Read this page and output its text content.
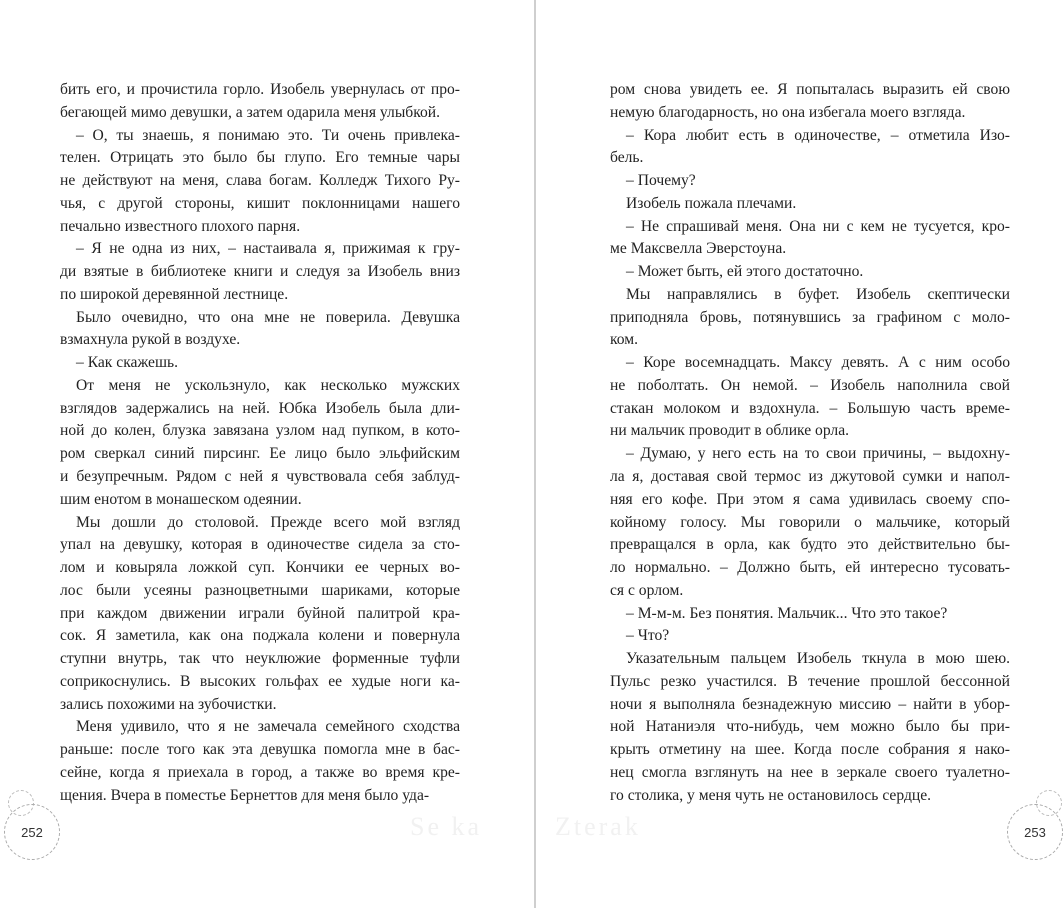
бить его, и прочистила горло. Изобель увернулась от про-
бегающей мимо девушки, а затем одарила меня улыбкой.
– О, ты знаешь, я понимаю это. Ти очень привлека-
телен. Отрицать это было бы глупо. Его темные чары
не действуют на меня, слава богам. Колледж Тихого Ру-
чья, с другой стороны, кишит поклонницами нашего
печально известного плохого парня.
– Я не одна из них, – настаивала я, прижимая к гру-
ди взятые в библиотеке книги и следуя за Изобель вниз
по широкой деревянной лестнице.
Было очевидно, что она мне не поверила. Девушка
взмахнула рукой в воздухе.
– Как скажешь.
От меня не ускользнуло, как несколько мужских
взглядов задержались на ней. Юбка Изобель была дли-
ной до колен, блузка завязана узлом над пупком, в кото-
ром сверкал синий пирсинг. Ее лицо было эльфийским
и безупречным. Рядом с ней я чувствовала себя заблуд-
шим енотом в монашеском одеянии.
Мы дошли до столовой. Прежде всего мой взгляд
упал на девушку, которая в одиночестве сидела за сто-
лом и ковыряла ложкой суп. Кончики ее черных во-
лос были усеяны разноцветными шариками, которые
при каждом движении играли буйной палитрой кра-
сок. Я заметила, как она поджала колени и повернула
ступни внутрь, так что неуклюжие форменные туфли
соприкоснулись. В высоких гольфах ее худые ноги ка-
зались похожими на зубочистки.
Меня удивило, что я не замечала семейного сходства
раньше: после того как эта девушка помогла мне в бас-
сейне, когда я приехала в город, а также во время кре-
щения. Вчера в поместье Бернеттов для меня было уда-
ром снова увидеть ее. Я попыталась выразить ей свою
немую благодарность, но она избегала моего взгляда.
– Кора любит есть в одиночестве, – отметила Изо-
бель.
– Почему?
Изобель пожала плечами.
– Не спрашивай меня. Она ни с кем не тусуется, кро-
ме Максвелла Эверстоуна.
– Может быть, ей этого достаточно.
Мы направлялись в буфет. Изобель скептически
приподняла бровь, потянувшись за графином с моло-
ком.
– Коре восемнадцать. Максу девять. А с ним особо
не поболтать. Он немой. – Изобель наполнила свой
стакан молоком и вздохнула. – Большую часть време-
ни мальчик проводит в облике орла.
– Думаю, у него есть на то свои причины, – выдохну-
ла я, доставая свой термос из джутовой сумки и напол-
няя его кофе. При этом я сама удивилась своему спо-
койному голосу. Мы говорили о мальчике, который
превращался в орла, как будто это действительно бы-
ло нормально. – Должно быть, ей интересно тусовать-
ся с орлом.
– М-м-м. Без понятия. Мальчик... Что это такое?
– Что?
Указательным пальцем Изобель ткнула в мою шею.
Пульс резко участился. В течение прошлой бессонной
ночи я выполняла безнадежную миссию – найти в убор-
ной Натаниэля что-нибудь, чем можно было бы при-
крыть отметину на шее. Когда после собрания я нако-
нец смогла взглянуть на нее в зеркале своего туалетно-
го столика, у меня чуть не остановилось сердце.
252	253
Se ka	Zterak
